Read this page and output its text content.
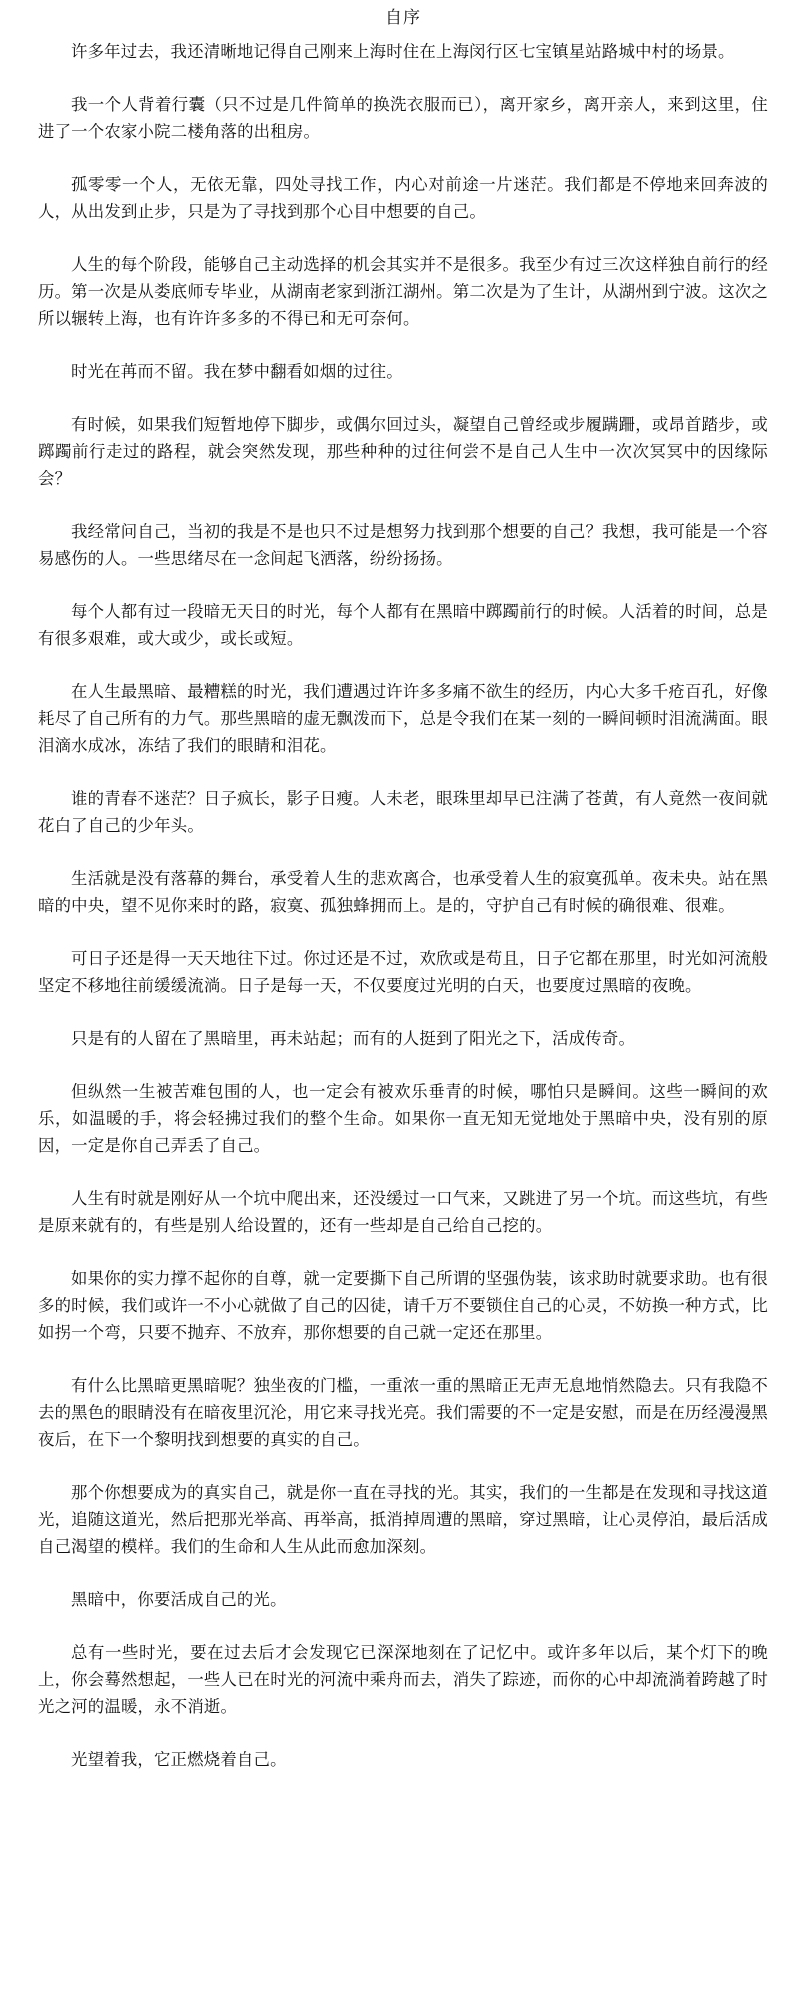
自序

许多年过去，我还清晰地记得自己刚来上海时住在上海闵行区七宝镇星站路城中村的场景。

我一个人背着行囊（只不过是几件简单的换洗衣服而已），离开家乡，离开亲人，来到这里，住进了一个农家小院二楼角落的出租房。

孤零零一个人，无依无靠，四处寻找工作，内心对前途一片迷茫。我们都是不停地来回奔波的人，从出发到止步，只是为了寻找到那个心目中想要的自己。

人生的每个阶段，能够自己主动选择的机会其实并不是很多。我至少有过三次这样独自前行的经历。第一次是从娄底师专毕业，从湖南老家到浙江湖州。第二次是为了生计，从湖州到宁波。这次之所以辗转上海，也有许许多多的不得已和无可奈何。

时光在苒而不留。我在梦中翻看如烟的过往。

有时候，如果我们短暂地停下脚步，或偶尔回过头，凝望自己曾经或步履蹒跚，或昂首踏步，或踯躅前行走过的路程，就会突然发现，那些种种的过往何尝不是自己人生中一次次冥冥中的因缘际会？

我经常问自己，当初的我是不是也只不过是想努力找到那个想要的自己？我想，我可能是一个容易感伤的人。一些思绪尽在一念间起飞洒落，纷纷扬扬。

每个人都有过一段暗无天日的时光，每个人都有在黑暗中踯躅前行的时候。人活着的时间，总是有很多艰难，或大或少，或长或短。

在人生最黑暗、最糟糕的时光，我们遭遇过许许多多痛不欲生的经历，内心大多千疮百孔，好像耗尽了自己所有的力气。那些黑暗的虚无飘泼而下，总是令我们在某一刻的一瞬间顿时泪流满面。眼泪滴水成冰，冻结了我们的眼睛和泪花。

谁的青春不迷茫？日子疯长，影子日瘦。人未老，眼珠里却早已注满了苍黄，有人竟然一夜间就花白了自己的少年头。

生活就是没有落幕的舞台，承受着人生的悲欢离合，也承受着人生的寂寞孤单。夜未央。站在黑暗的中央，望不见你来时的路，寂寞、孤独蜂拥而上。是的，守护自己有时候的确很难、很难。

可日子还是得一天天地往下过。你过还是不过，欢欣或是苟且，日子它都在那里，时光如河流般坚定不移地往前缓缓流淌。日子是每一天，不仅要度过光明的白天，也要度过黑暗的夜晚。

只是有的人留在了黑暗里，再未站起；而有的人挺到了阳光之下，活成传奇。

但纵然一生被苦难包围的人，也一定会有被欢乐垂青的时候，哪怕只是瞬间。这些一瞬间的欢乐，如温暖的手，将会轻拂过我们的整个生命。如果你一直无知无觉地处于黑暗中央，没有别的原因，一定是你自己弄丢了自己。

人生有时就是刚好从一个坑中爬出来，还没缓过一口气来，又跳进了另一个坑。而这些坑，有些是原来就有的，有些是别人给设置的，还有一些却是自己给自己挖的。

如果你的实力撑不起你的自尊，就一定要撕下自己所谓的坚强伪装，该求助时就要求助。也有很多的时候，我们或许一不小心就做了自己的囚徒，请千万不要锁住自己的心灵，不妨换一种方式，比如拐一个弯，只要不抛弃、不放弃，那你想要的自己就一定还在那里。

有什么比黑暗更黑暗呢？独坐夜的门槛，一重浓一重的黑暗正无声无息地悄然隐去。只有我隐不去的黑色的眼睛没有在暗夜里沉沦，用它来寻找光亮。我们需要的不一定是安慰，而是在历经漫漫黑夜后，在下一个黎明找到想要的真实的自己。

那个你想要成为的真实自己，就是你一直在寻找的光。其实，我们的一生都是在发现和寻找这道光，追随这道光，然后把那光举高、再举高，抵消掉周遭的黑暗，穿过黑暗，让心灵停泊，最后活成自己渴望的模样。我们的生命和人生从此而愈加深刻。

黑暗中，你要活成自己的光。

总有一些时光，要在过去后才会发现它已深深地刻在了记忆中。或许多年以后，某个灯下的晚上，你会蓦然想起，一些人已在时光的河流中乘舟而去，消失了踪迹，而你的心中却流淌着跨越了时光之河的温暖，永不消逝。

光望着我，它正燃烧着自己。
